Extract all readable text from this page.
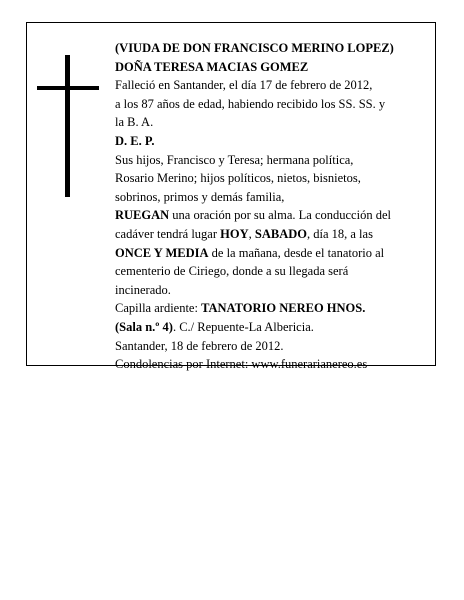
(VIUDA DE DON FRANCISCO MERINO LOPEZ)
DOÑA TERESA MACIAS GOMEZ
Falleció en Santander, el día 17 de febrero de 2012,
a los 87 años de edad, habiendo recibido los SS. SS. y
la B. A.
D. E. P.
Sus hijos, Francisco y Teresa; hermana política,
Rosario Merino; hijos políticos, nietos, bisnietos,
sobrinos, primos y demás familia,
RUEGAN una oración por su alma. La conducción del
cadáver tendrá lugar HOY, SABADO, día 18, a las
ONCE Y MEDIA de la mañana, desde el tanatorio al
cementerio de Ciriego, donde a su llegada será
incinerado.
Capilla ardiente: TANATORIO NEREO HNOS.
(Sala n.º 4). C./ Repuente-La Albericia.
Santander, 18 de febrero de 2012.
Condolencias por Internet: www.funerarianereo.es
